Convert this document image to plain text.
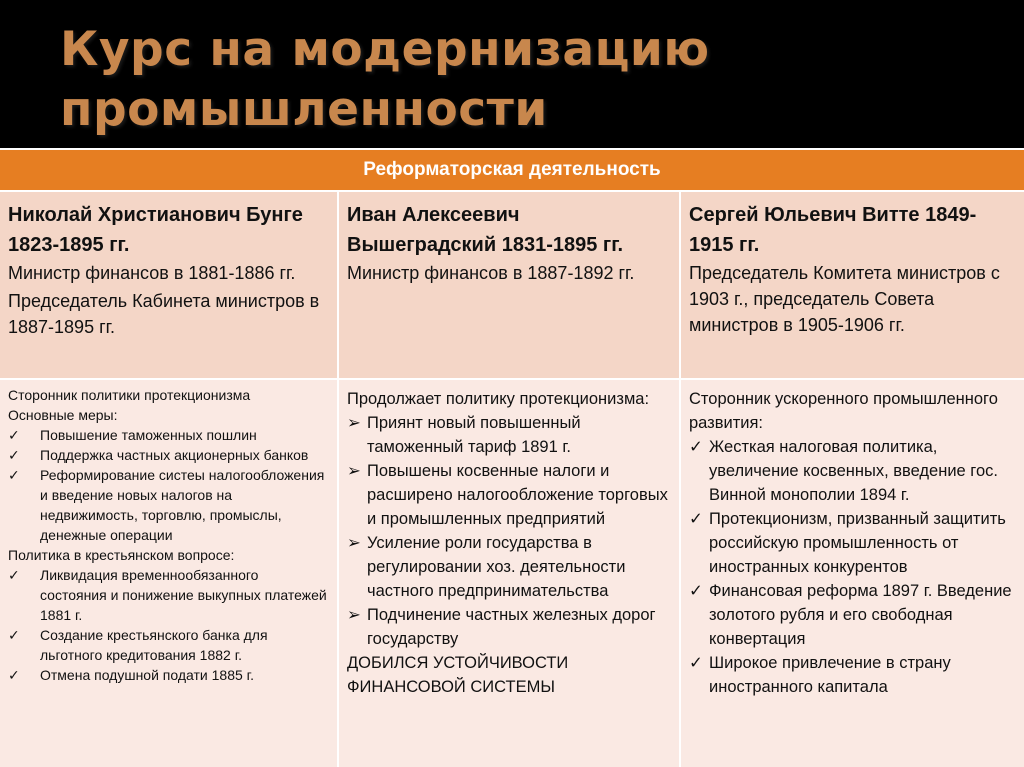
Курс на модернизацию промышленности
Реформаторская деятельность

Николай Христианович Бунге 1823-1895 гг.

Министр финансов в 1881-1886 гг.

Председатель Кабинета министров в 1887-1895 гг.

Иван Алексеевич Вышеградский 1831-1895 гг.

Министр финансов в 1887-1892 гг.

Сергей Юльевич Витте 1849-1915 гг.

Председатель Комитета министров с 1903 г., председатель Совета министров в 1905-1906 гг.

Сторонник политики протекционизма

Основные меры:

✓ Повышение таможенных пошлин
✓ Поддержка частных акционерных банков
✓ Реформирование систеы налогообложения и введение новых налогов на недвижимость, торговлю, промыслы, денежные операции

Политика в крестьянском вопросе:

✓ Ликвидация временнообязанного состояния и понижение выкупных платежей 1881 г.
✓ Создание крестьянского банка для льготного кредитования 1882 г.
✓ Отмена подушной подати 1885 г.

Продолжает политику протекционизма:

➢ Приянт новый повышенный таможенный тариф 1891 г.
➢ Повышены косвенные налоги и расширено налогообложение торговых и промышленных предприятий
➢ Усиление роли государства в регулировании хоз. деятельности частного предпринимательства
➢ Подчинение частных железных дорог государству

ДОБИЛСЯ УСТОЙЧИВОСТИ ФИНАНСОВОЙ СИСТЕМЫ

Сторонник ускоренного промышленного развития:

✓ Жесткая налоговая политика, увеличение косвенных, введение гос. Винной монополии 1894 г.
✓ Протекционизм, призванный защитить российскую промышленность от иностранных конкурентов
✓ Финансовая реформа 1897 г. Введение золотого рубля и его свободная конвертация
✓ Широкое привлечение в страну иностранного капитала
